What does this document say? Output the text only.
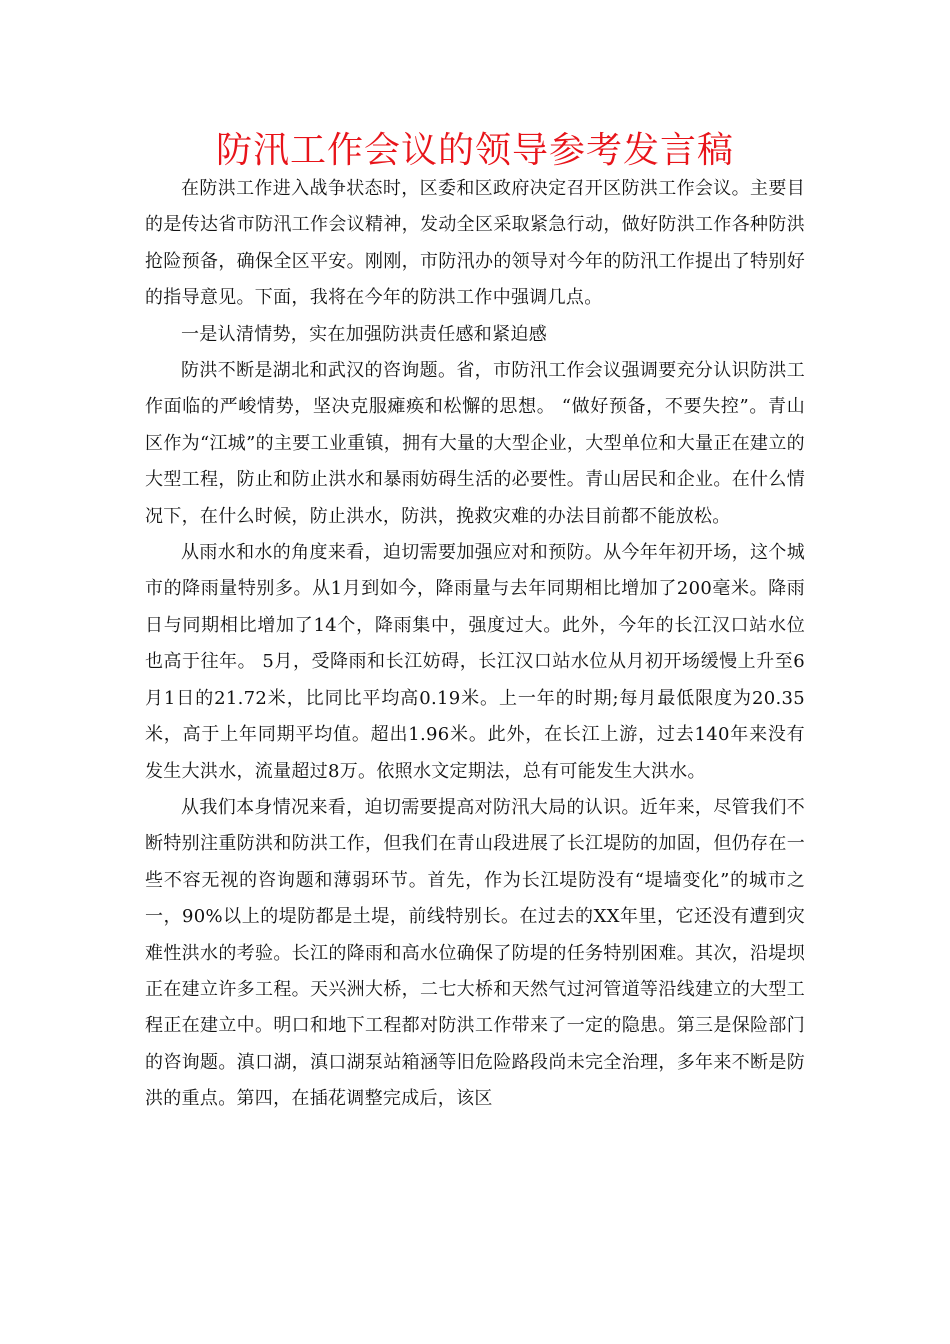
防汛工作会议的领导参考发言稿

在防洪工作进入战争状态时，区委和区政府决定召开区防洪工作会议。主要目的是传达省市防汛工作会议精神，发动全区采取紧急行动，做好防洪工作各种防洪抢险预备，确保全区平安。刚刚，市防汛办的领导对今年的防汛工作提出了特别好的指导意见。下面，我将在今年的防洪工作中强调几点。

一是认清情势，实在加强防洪责任感和紧迫感

防洪不断是湖北和武汉的咨询题。省，市防汛工作会议强调要充分认识防洪工作面临的严峻情势，坚决克服瘫痪和松懈的思想。 “做好预备，不要失控”。青山区作为“江城”的主要工业重镇，拥有大量的大型企业，大型单位和大量正在建立的大型工程，防止和防止洪水和暴雨妨碍生活的必要性。青山居民和企业。在什么情况下，在什么时候，防止洪水，防洪，挽救灾难的办法目前都不能放松。

从雨水和水的角度来看，迫切需要加强应对和预防。从今年年初开场，这个城市的降雨量特别多。从1月到如今，降雨量与去年同期相比增加了200毫米。降雨日与同期相比增加了14个，降雨集中，强度过大。此外，今年的长江汉口站水位也高于往年。 5月，受降雨和长江妨碍，长江汉口站水位从月初开场缓慢上升至6月1日的21.72米，比同比平均高0.19米。上一年的时期;每月最低限度为20.35米，高于上年同期平均值。超出1.96米。此外，在长江上游，过去140年来没有发生大洪水，流量超过8万。依照水文定期法，总有可能发生大洪水。

从我们本身情况来看，迫切需要提高对防汛大局的认识。近年来，尽管我们不断特别注重防洪和防洪工作，但我们在青山段进展了长江堤防的加固，但仍存在一些不容无视的咨询题和薄弱环节。首先，作为长江堤防没有“堤墙变化”的城市之一，90%以上的堤防都是土堤，前线特别长。在过去的XX年里，它还没有遭到灾难性洪水的考验。长江的降雨和高水位确保了防堤的任务特别困难。其次，沿堤坝正在建立许多工程。天兴洲大桥，二七大桥和天然气过河管道等沿线建立的大型工程正在建立中。明口和地下工程都对防洪工作带来了一定的隐患。第三是保险部门的咨询题。滇口湖，滇口湖泵站箱涵等旧危险路段尚未完全治理，多年来不断是防洪的重点。第四，在插花调整完成后，该区
